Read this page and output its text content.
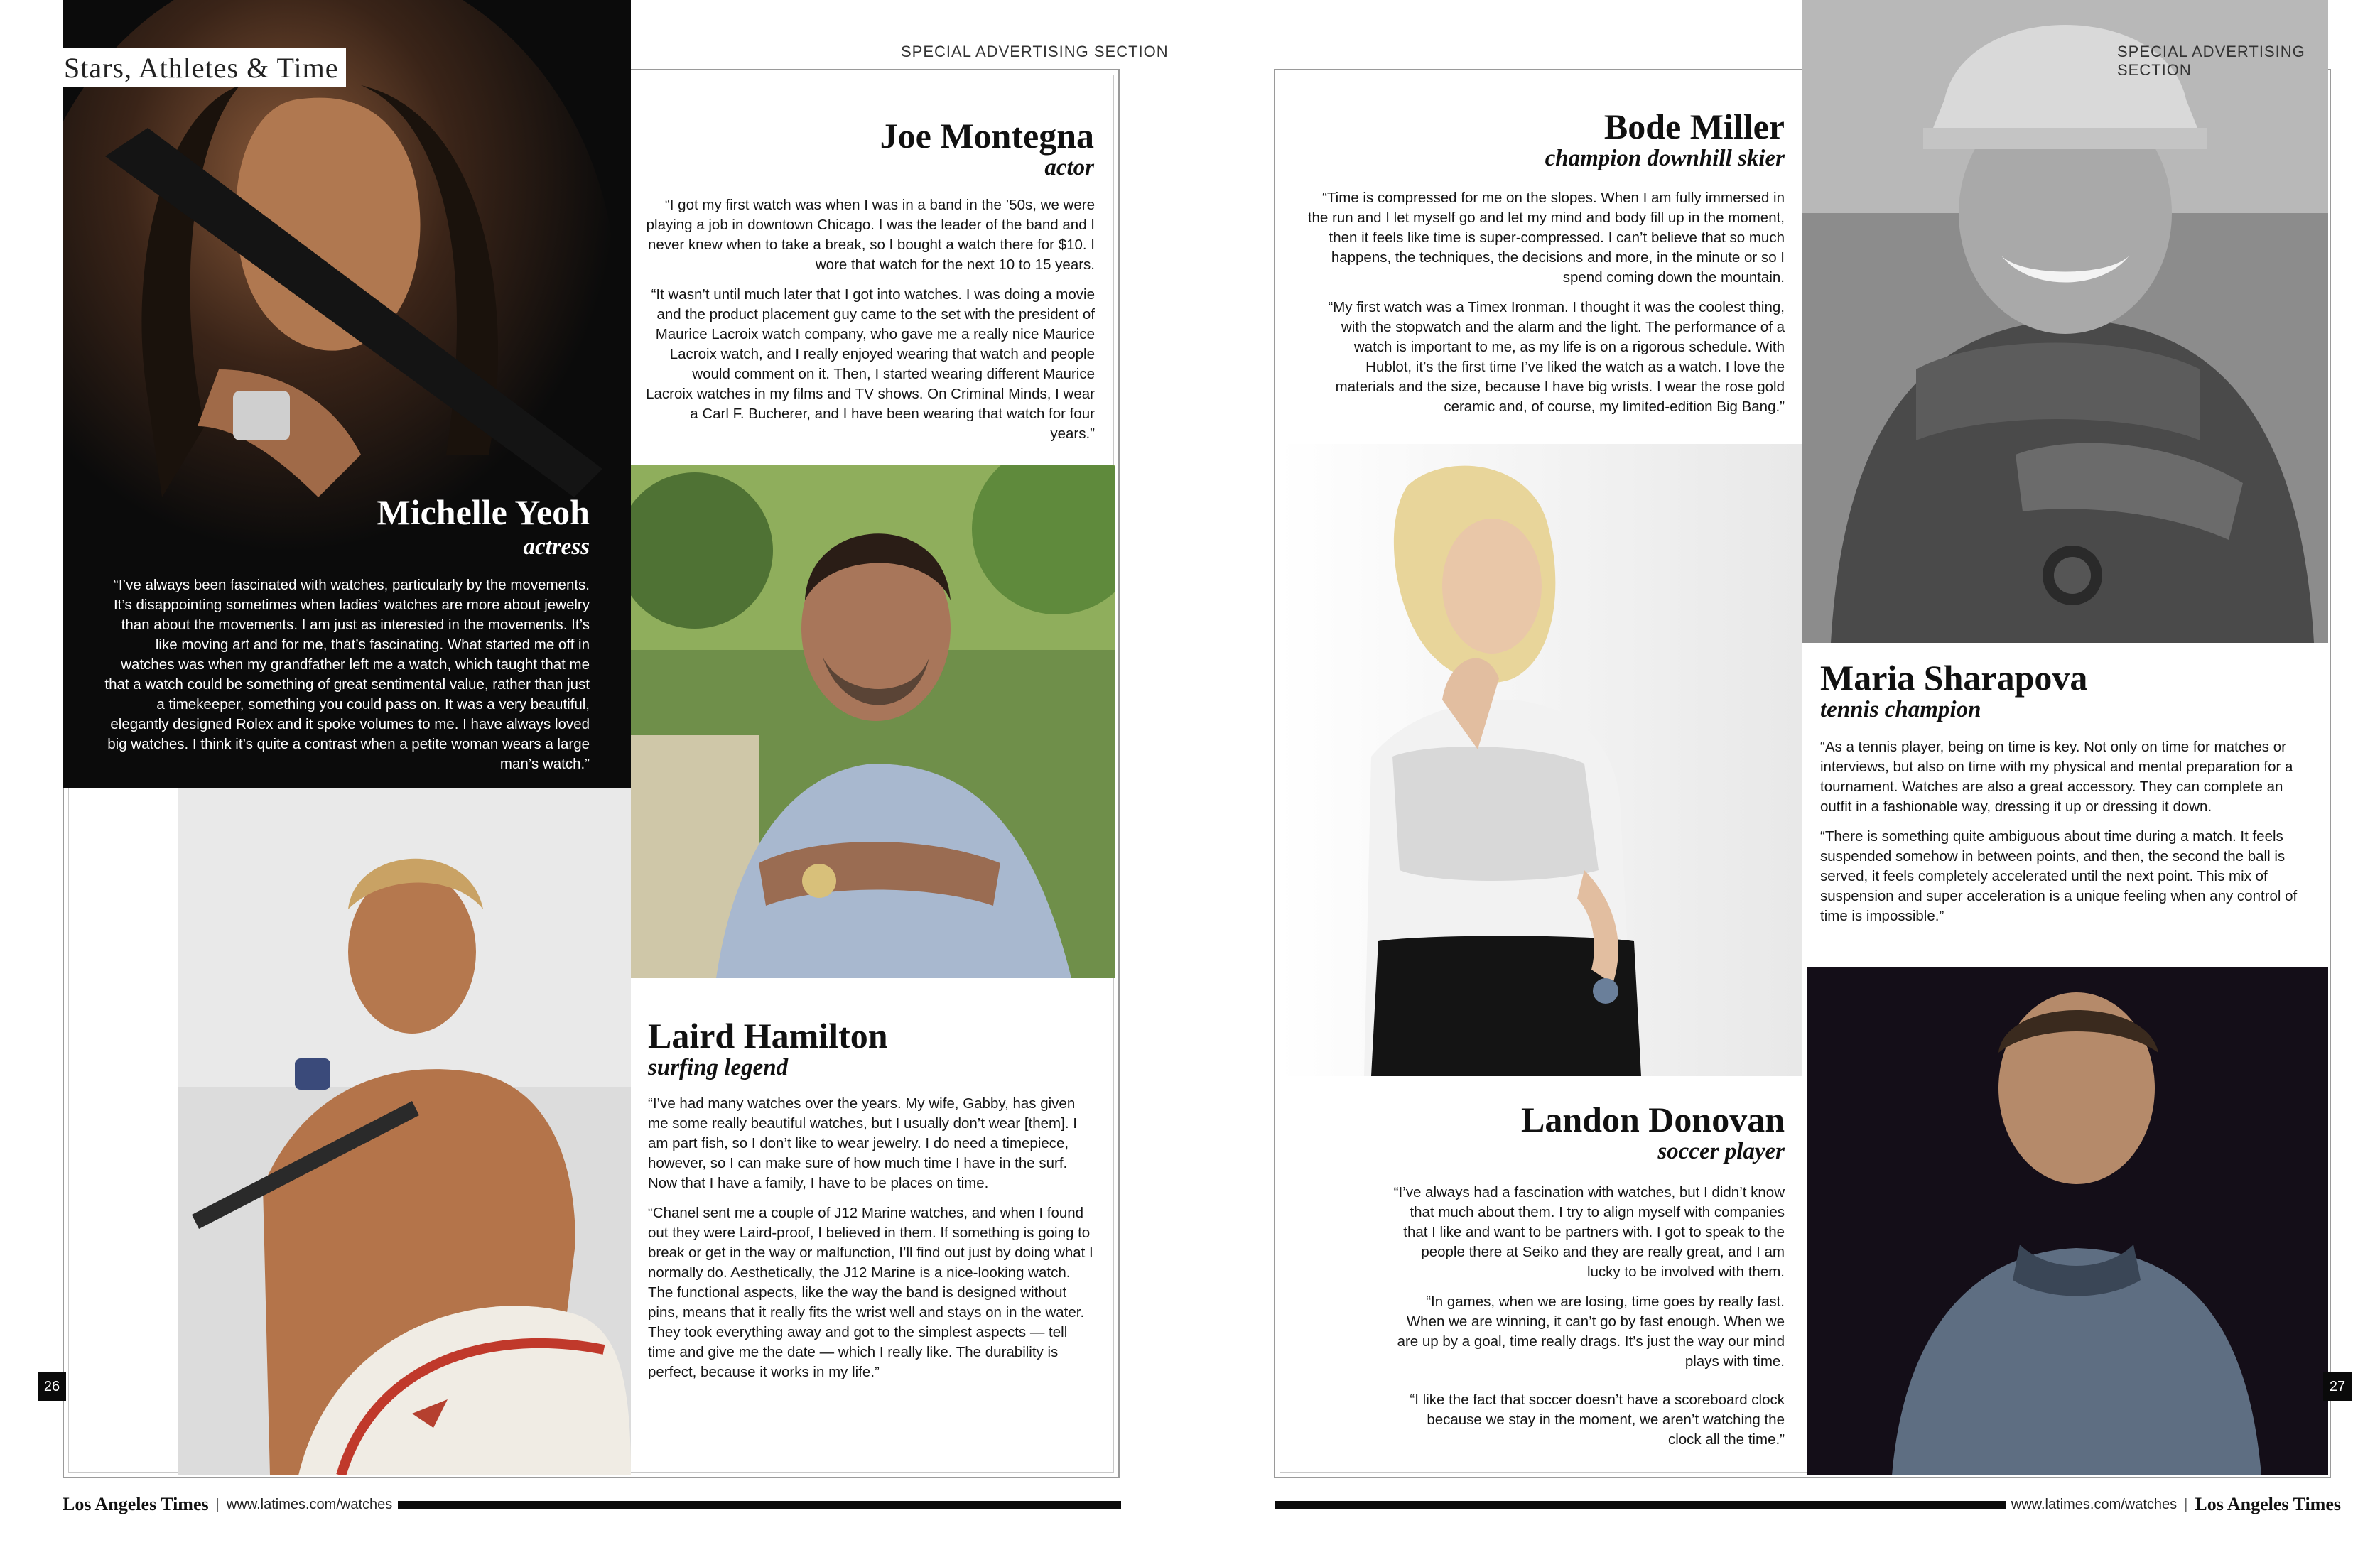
Stars, Athletes & Time
Michelle Yeoh
actress

“I’ve always been fascinated with watches, particularly by the movements. It’s disappointing sometimes when ladies’ watches are more about jewelry than about the movements. I am just as interested in the movements. It’s like moving art and for me, that’s fascinating. What started me off in watches was when my grandfather left me a watch, which taught that me that a watch could be something of great sentimental value, rather than just a timekeeper, something you could pass on. It was a very beautiful, elegantly designed Rolex and it spoke volumes to me. I have always loved big watches. I think it’s quite a contrast when a petite woman wears a large man’s watch.”

Joe Montegna
actor

“I got my first watch was when I was in a band in the ’50s, we were playing a job in downtown Chicago. I was the leader of the band and I never knew when to take a break, so I bought a watch there for $10. I wore that watch for the next 10 to 15 years.

“It wasn’t until much later that I got into watches. I was doing a movie and the product placement guy came to the set with the president of Maurice Lacroix watch company, who gave me a really nice Maurice Lacroix watch, and I really enjoyed wearing that watch and people would comment on it. Then, I started wearing different Maurice Lacroix watches in my films and TV shows. On Criminal Minds, I wear a Carl F. Bucherer, and I have been wearing that watch for four years.”

Laird Hamilton
surfing legend

“I’ve had many watches over the years. My wife, Gabby, has given me some really beautiful watches, but I usually don’t wear [them]. I am part fish, so I don’t like to wear jewelry. I do need a timepiece, however, so I can make sure of how much time I have in the surf. Now that I have a family, I have to be places on time.

“Chanel sent me a couple of J12 Marine watches, and when I found out they were Laird-proof, I believed in them. If something is going to break or get in the way or malfunction, I’ll find out just by doing what I normally do. Aesthetically, the J12 Marine is a nice-looking watch. The functional aspects, like the way the band is designed without pins, means that it really fits the wrist well and stays on in the water. They took everything away and got to the simplest aspects — tell time and give me the date — which I really like. The durability is perfect, because it works in my life.”

SPECIAL ADVERTISING SECTION
26
Los Angeles Times | www.latimes.com/watches
Bode Miller
champion downhill skier

“Time is compressed for me on the slopes. When I am fully immersed in the run and I let myself go and let my mind and body fill up in the moment, then it feels like time is super-compressed. I can’t believe that so much happens, the techniques, the decisions and more, in the minute or so I spend coming down the mountain.

“My first watch was a Timex Ironman. I thought it was the coolest thing, with the stopwatch and the alarm and the light. The performance of a watch is important to me, as my life is on a rigorous schedule. With Hublot, it’s the first time I’ve liked the watch as a watch. I love the materials and the size, because I have big wrists. I wear the rose gold ceramic and, of course, my limited-edition Big Bang.”

Maria Sharapova
tennis champion

“As a tennis player, being on time is key. Not only on time for matches or interviews, but also on time with my physical and mental preparation for a tournament. Watches are also a great accessory. They can complete an outfit in a fashionable way, dressing it up or dressing it down.

“There is something quite ambiguous about time during a match. It feels suspended somehow in between points, and then, the second the ball is served, it feels completely accelerated until the next point. This mix of suspension and super acceleration is a unique feeling when any control of time is impossible.”

Landon Donovan
soccer player

“I’ve always had a fascination with watches, but I didn’t know that much about them. I try to align myself with companies that I like and want to be partners with. I got to speak to the people there at Seiko and they are really great, and I am lucky to be involved with them.

“In games, when we are losing, time goes by really fast. When we are winning, it can’t go by fast enough. When we are up by a goal, time really drags. It’s just the way our mind plays with time.

“I like the fact that soccer doesn’t have a scoreboard clock because we stay in the moment, we aren’t watching the clock all the time.”

SPECIAL ADVERTISING SECTION
27
www.latimes.com/watches | Los Angeles Times
